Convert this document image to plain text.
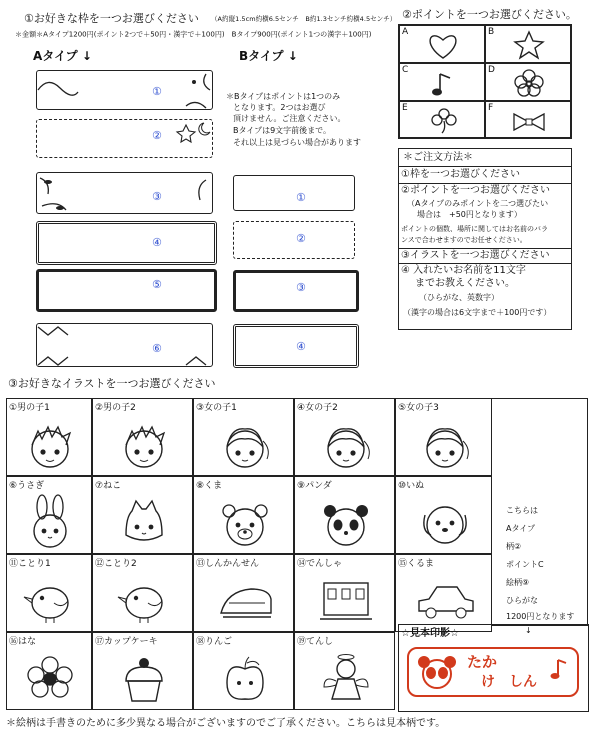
①お好きな枠を一つお選びください （A約縦1.5cm約横6.5センチ　B約1.3センチ約横4.5センチ）
＊金額＊Aタイプ1200円(ポイント2つで＋50円・漢字で＋100円)　Bタイプ900円(ポイント1つの漢字＋100円)
Aタイプ ↓	Bタイプ ↓
①
②
③
④
⑤
⑥
①
②
③
④
＊Bタイプはポイントは1つのみ
となります。2つはお選び
頂けません。ご注意ください。
Bタイプは9文字前後まで。
それ以上は見づらい場合があります
②ポイントを一つお選びください。
A	B
C	D
E	F
＊ご注文方法＊
①枠を一つお選びください
②ポイントを一つお選びください
（Aタイプのみポイントを二つ選びたい
場合は　+50円となります）
ポイントの個数、場所に関してはお名前のバラ
ンスで合わせますのでお任せください。
③イラストを一つお選びください
④ 入れたいお名前を11文字
までお教えください。
（ひらがな、英数字）
（漢字の場合は6文字まで＋100円です）
③お好きなイラストを一つお選びください
①男の子1	②男の子2	③女の子1	④女の子2	⑤女の子3
⑥うさぎ	⑦ねこ	⑧くま	⑨パンダ	⑩いぬ
⑪ことり1	⑫ことり2	⑬しんかんせん	⑭でんしゃ	⑮くるま
⑯はな	⑰カップケーキ	⑱りんご	⑲てんし
こちらは
Aタイプ
柄②
ポイントC
絵柄⑨
ひらがな
1200円となります
↓
☆見本印影☆
たか
け　しん
＊絵柄は手書きのために多少異なる場合がございますのでご了承ください。こちらは見本柄です。
